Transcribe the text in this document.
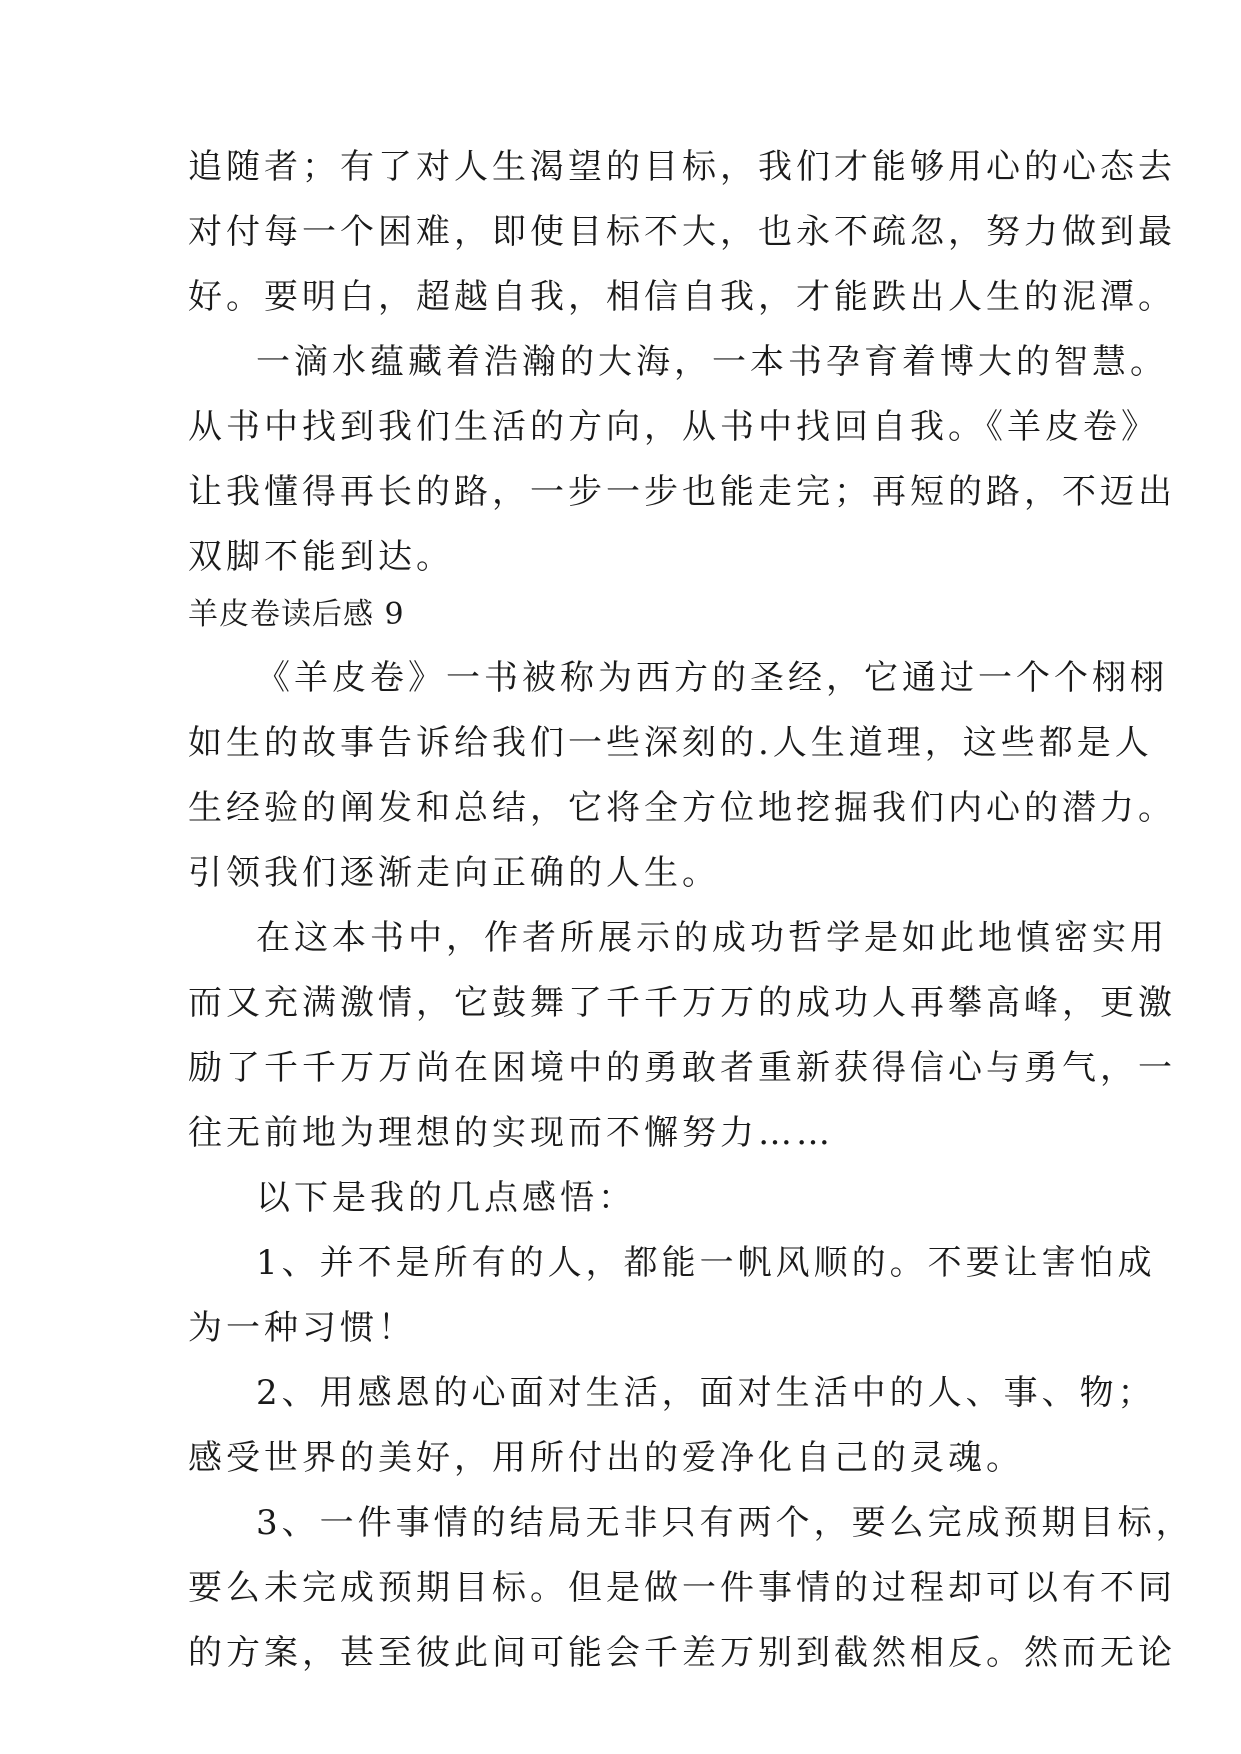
追随者；有了对人生渴望的目标，我们才能够用心的心态去
对付每一个困难，即使目标不大，也永不疏忽，努力做到最
好。要明白，超越自我，相信自我，才能跌出人生的泥潭。
一滴水蕴藏着浩瀚的大海，一本书孕育着博大的智慧。
从书中找到我们生活的方向，从书中找回自我。《羊皮卷》
让我懂得再长的路，一步一步也能走完；再短的路，不迈出
双脚不能到达。
羊皮卷读后感 9
《羊皮卷》一书被称为西方的圣经，它通过一个个栩栩
如生的故事告诉给我们一些深刻的.人生道理，这些都是人
生经验的阐发和总结，它将全方位地挖掘我们内心的潜力。
引领我们逐渐走向正确的人生。
在这本书中，作者所展示的成功哲学是如此地慎密实用
而又充满激情，它鼓舞了千千万万的成功人再攀高峰，更激
励了千千万万尚在困境中的勇敢者重新获得信心与勇气，一
往无前地为理想的实现而不懈努力……
以下是我的几点感悟：
1、并不是所有的人，都能一帆风顺的。不要让害怕成
为一种习惯！
2、用感恩的心面对生活，面对生活中的人、事、物；
感受世界的美好，用所付出的爱净化自己的灵魂。
3、一件事情的结局无非只有两个，要么完成预期目标，
要么未完成预期目标。但是做一件事情的过程却可以有不同
的方案，甚至彼此间可能会千差万别到截然相反。然而无论
